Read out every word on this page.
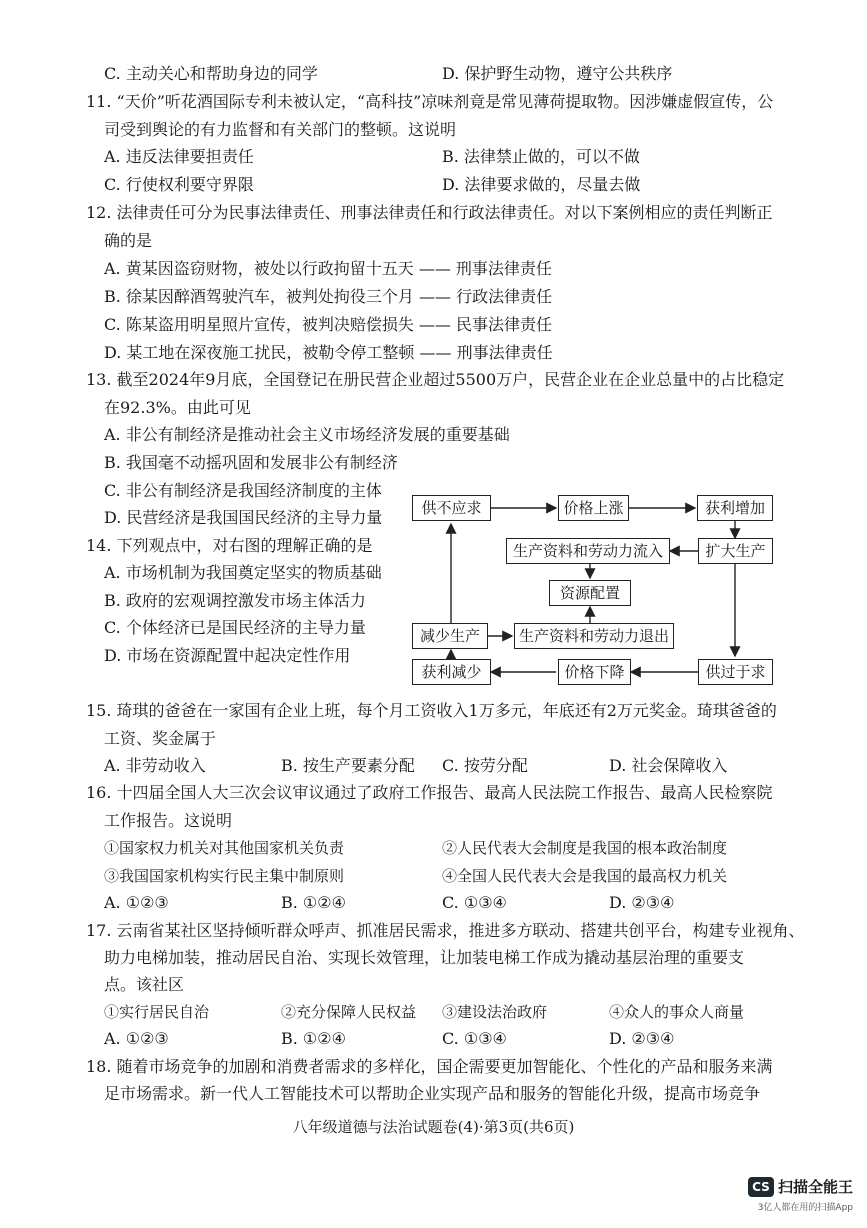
C. 主动关心和帮助身边的同学	D. 保护野生动物，遵守公共秩序
11. “天价”听花酒国际专利未被认定，“高科技”凉味剂竟是常见薄荷提取物。因涉嫌虚假宣传，公
司受到舆论的有力监督和有关部门的整顿。这说明
A. 违反法律要担责任	B. 法律禁止做的，可以不做
C. 行使权利要守界限	D. 法律要求做的，尽量去做
12. 法律责任可分为民事法律责任、刑事法律责任和行政法律责任。对以下案例相应的责任判断正
确的是
A. 黄某因盗窃财物，被处以行政拘留十五天 —— 刑事法律责任
B. 徐某因醉酒驾驶汽车，被判处拘役三个月 —— 行政法律责任
C. 陈某盗用明星照片宣传，被判决赔偿损失 —— 民事法律责任
D. 某工地在深夜施工扰民，被勒令停工整顿 —— 刑事法律责任
13. 截至2024年9月底，全国登记在册民营企业超过5500万户，民营企业在企业总量中的占比稳定
在92.3%。由此可见
A. 非公有制经济是推动社会主义市场经济发展的重要基础
B. 我国毫不动摇巩固和发展非公有制经济
C. 非公有制经济是我国经济制度的主体
D. 民营经济是我国国民经济的主导力量
14. 下列观点中，对右图的理解正确的是
A. 市场机制为我国奠定坚实的物质基础
B. 政府的宏观调控激发市场主体活力
C. 个体经济已是国民经济的主导力量
D. 市场在资源配置中起决定性作用
供不应求	价格上涨	获利增加
生产资料和劳动力流入	扩大生产
资源配置
减少生产	生产资料和劳动力退出
获利减少	价格下降	供过于求
15. 琦琪的爸爸在一家国有企业上班，每个月工资收入1万多元，年底还有2万元奖金。琦琪爸爸的
工资、奖金属于
A. 非劳动收入	B. 按生产要素分配 C. 按劳分配	D. 社会保障收入
16. 十四届全国人大三次会议审议通过了政府工作报告、最高人民法院工作报告、最高人民检察院
工作报告。这说明
①国家权力机关对其他国家机关负责	②人民代表大会制度是我国的根本政治制度
③我国国家机构实行民主集中制原则	④全国人民代表大会是我国的最高权力机关
A. ①②③	B. ①②④	C. ①③④	D. ②③④
17. 云南省某社区坚持倾听群众呼声、抓准居民需求，推进多方联动、搭建共创平台，构建专业视角、
助力电梯加装，推动居民自治、实现长效管理，让加装电梯工作成为撬动基层治理的重要支
点。该社区
①实行居民自治	②充分保障人民权益 ③建设法治政府	④众人的事众人商量
A. ①②③	B. ①②④	C. ①③④	D. ②③④
18. 随着市场竞争的加剧和消费者需求的多样化，国企需要更加智能化、个性化的产品和服务来满
足市场需求。新一代人工智能技术可以帮助企业实现产品和服务的智能化升级，提高市场竞争
八年级道德与法治试题卷(4)·第3页(共6页)
CS 扫描全能王
3亿人都在用的扫描App
